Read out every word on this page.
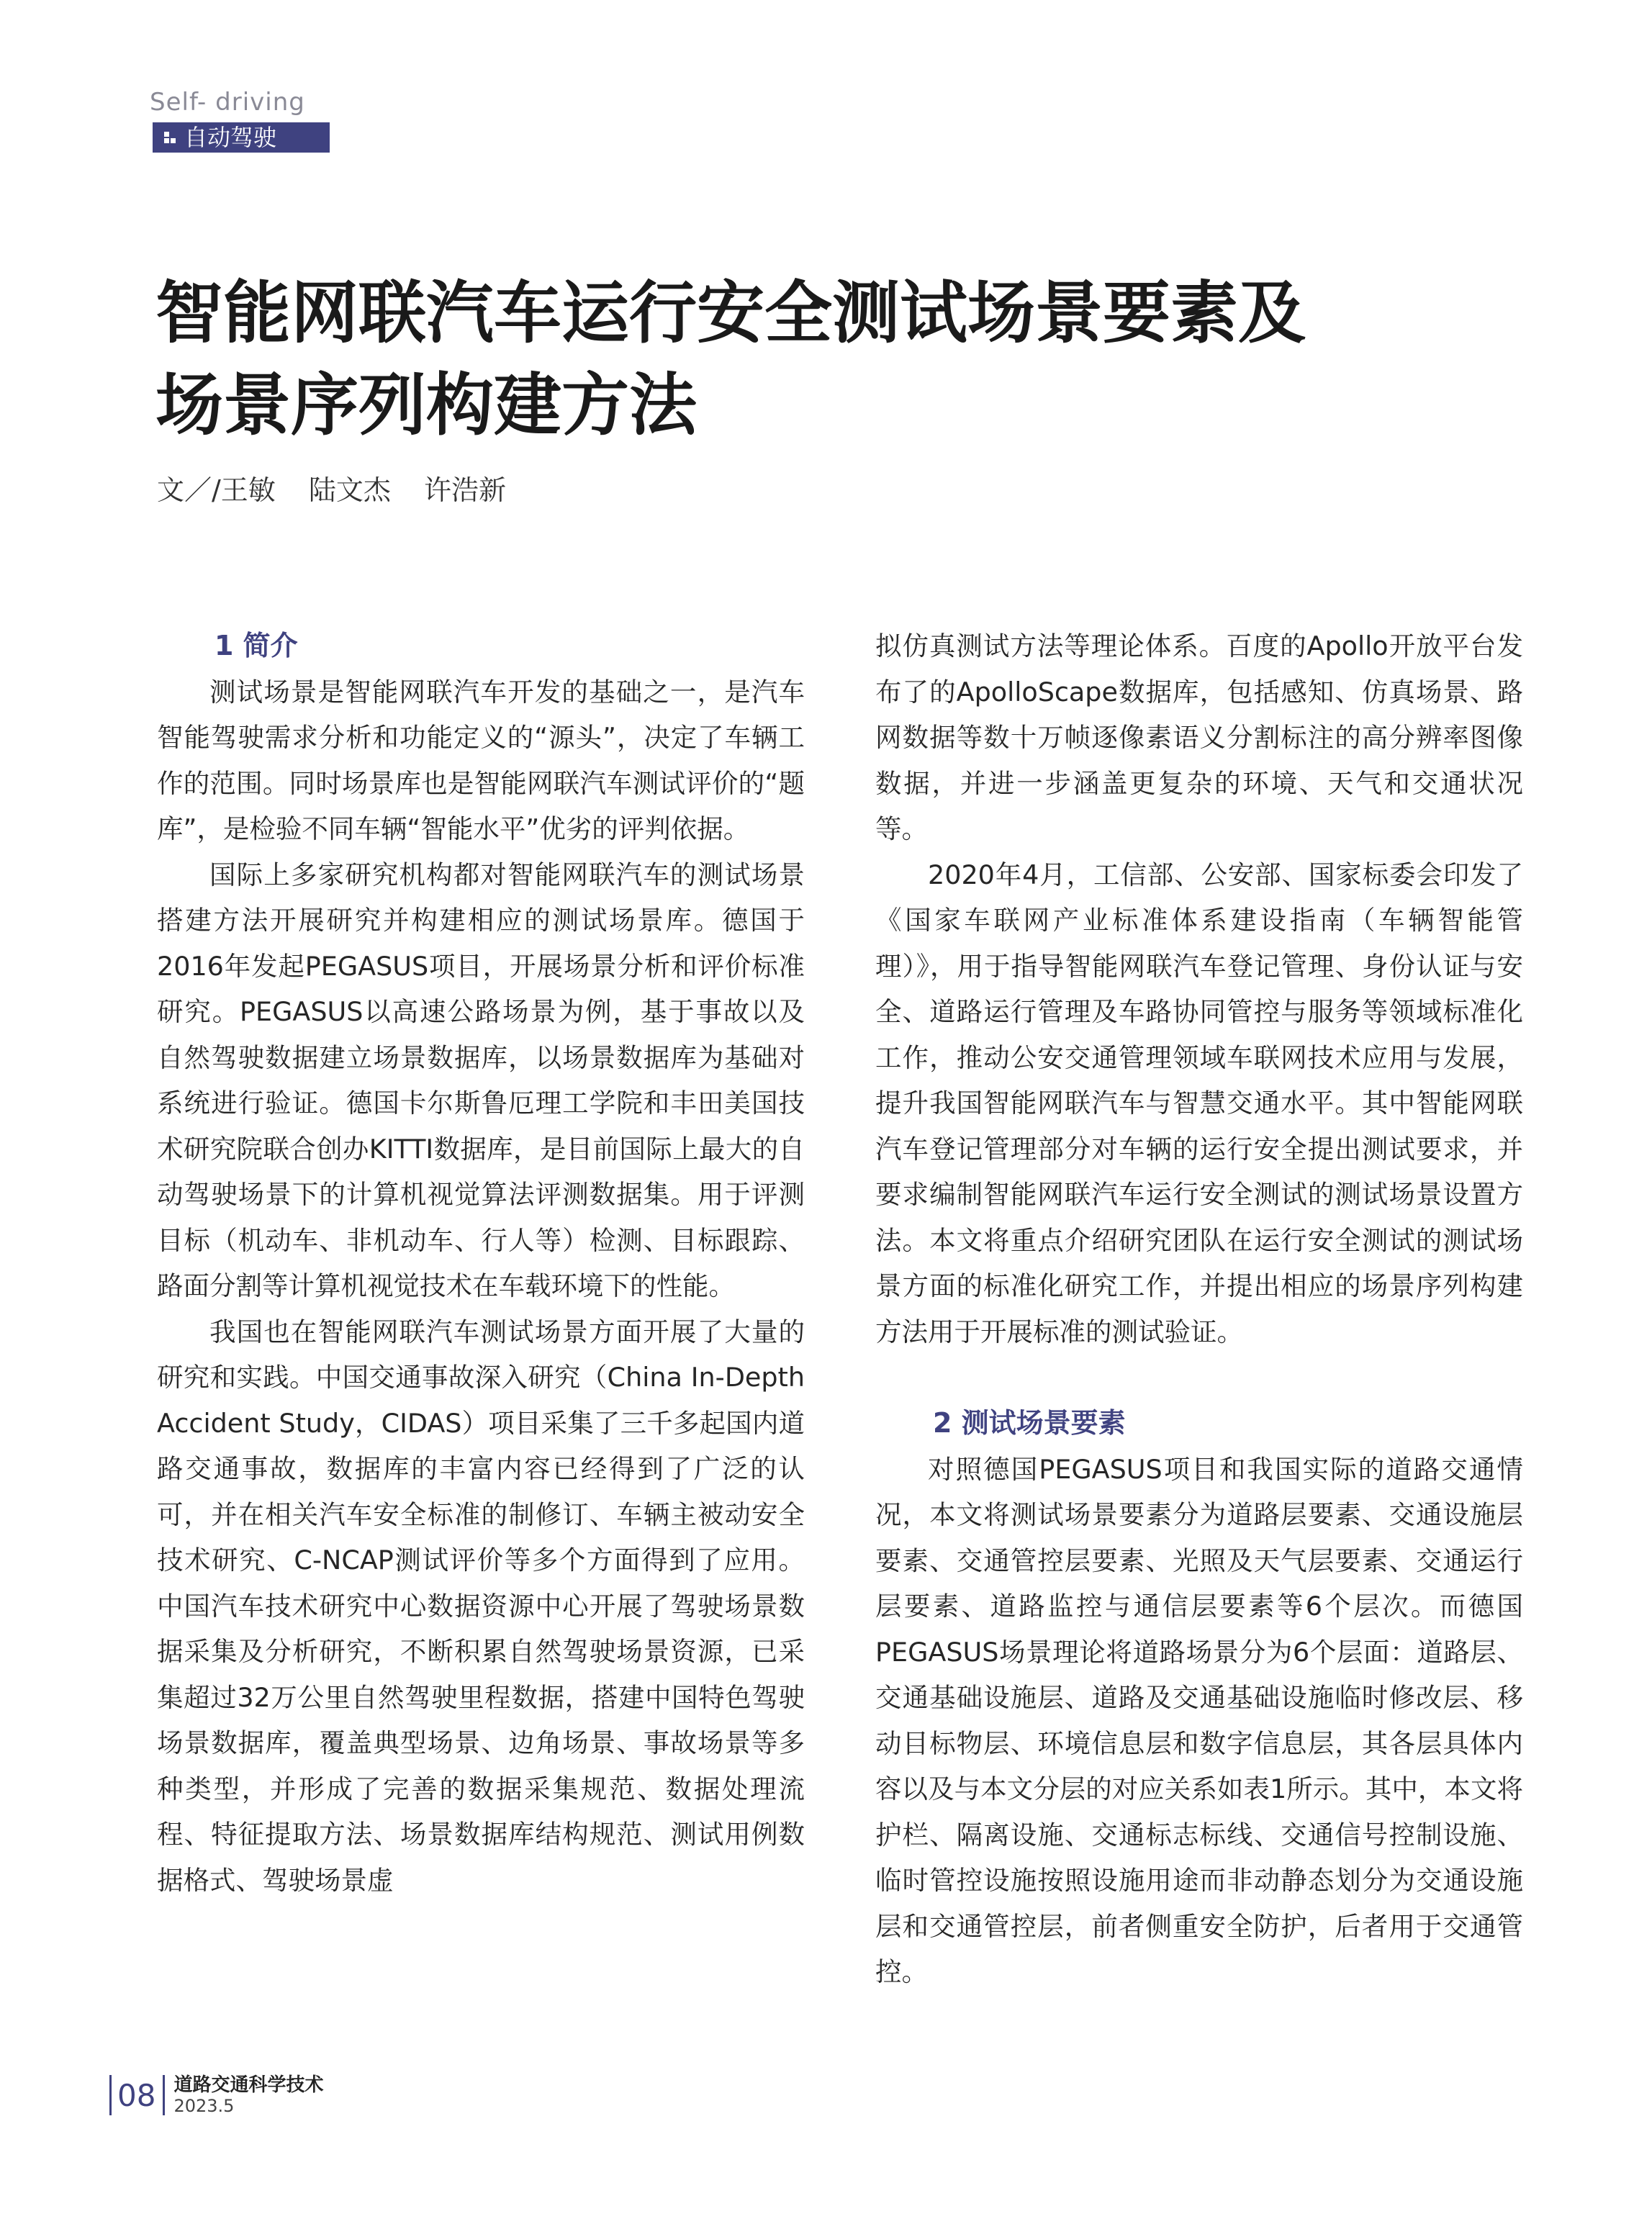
Self- driving
自动驾驶
智能网联汽车运行安全测试场景要素及
场景序列构建方法
文／/王敏 陆文杰 许浩新
1 简介

测试场景是智能网联汽车开发的基础之一，是汽车智能驾驶需求分析和功能定义的“源头”，决定了车辆工作的范围。同时场景库也是智能网联汽车测试评价的“题库”，是检验不同车辆“智能水平”优劣的评判依据。

国际上多家研究机构都对智能网联汽车的测试场景搭建方法开展研究并构建相应的测试场景库。德国于2016年发起PEGASUS项目，开展场景分析和评价标准研究。PEGASUS以高速公路场景为例，基于事故以及自然驾驶数据建立场景数据库，以场景数据库为基础对系统进行验证。德国卡尔斯鲁厄理工学院和丰田美国技术研究院联合创办KITTI数据库，是目前国际上最大的自动驾驶场景下的计算机视觉算法评测数据集。用于评测目标（机动车、非机动车、行人等）检测、目标跟踪、路面分割等计算机视觉技术在车载环境下的性能。

我国也在智能网联汽车测试场景方面开展了大量的研究和实践。中国交通事故深入研究（China In-Depth Accident Study，CIDAS）项目采集了三千多起国内道路交通事故，数据库的丰富内容已经得到了广泛的认可，并在相关汽车安全标准的制修订、车辆主被动安全技术研究、C-NCAP测试评价等多个方面得到了应用。中国汽车技术研究中心数据资源中心开展了驾驶场景数据采集及分析研究，不断积累自然驾驶场景资源，已采集超过32万公里自然驾驶里程数据，搭建中国特色驾驶场景数据库，覆盖典型场景、边角场景、事故场景等多种类型，并形成了完善的数据采集规范、数据处理流程、特征提取方法、场景数据库结构规范、测试用例数据格式、驾驶场景虚

拟仿真测试方法等理论体系。百度的Apollo开放平台发布了的ApolloScape数据库，包括感知、仿真场景、路网数据等数十万帧逐像素语义分割标注的高分辨率图像数据，并进一步涵盖更复杂的环境、天气和交通状况等。

2020年4月，工信部、公安部、国家标委会印发了《国家车联网产业标准体系建设指南（车辆智能管理）》，用于指导智能网联汽车登记管理、身份认证与安全、道路运行管理及车路协同管控与服务等领域标准化工作，推动公安交通管理领域车联网技术应用与发展，提升我国智能网联汽车与智慧交通水平。其中智能网联汽车登记管理部分对车辆的运行安全提出测试要求，并要求编制智能网联汽车运行安全测试的测试场景设置方法。本文将重点介绍研究团队在运行安全测试的测试场景方面的标准化研究工作，并提出相应的场景序列构建方法用于开展标准的测试验证。

2 测试场景要素

对照德国PEGASUS项目和我国实际的道路交通情况，本文将测试场景要素分为道路层要素、交通设施层要素、交通管控层要素、光照及天气层要素、交通运行层要素、道路监控与通信层要素等6个层次。而德国PEGASUS场景理论将道路场景分为6个层面：道路层、交通基础设施层、道路及交通基础设施临时修改层、移动目标物层、环境信息层和数字信息层，其各层具体内容以及与本文分层的对应关系如表1所示。其中，本文将护栏、隔离设施、交通标志标线、交通信号控制设施、临时管控设施按照设施用途而非动静态划分为交通设施层和交通管控层，前者侧重安全防护，后者用于交通管控。

08 道路交通科学技术
2023.5
